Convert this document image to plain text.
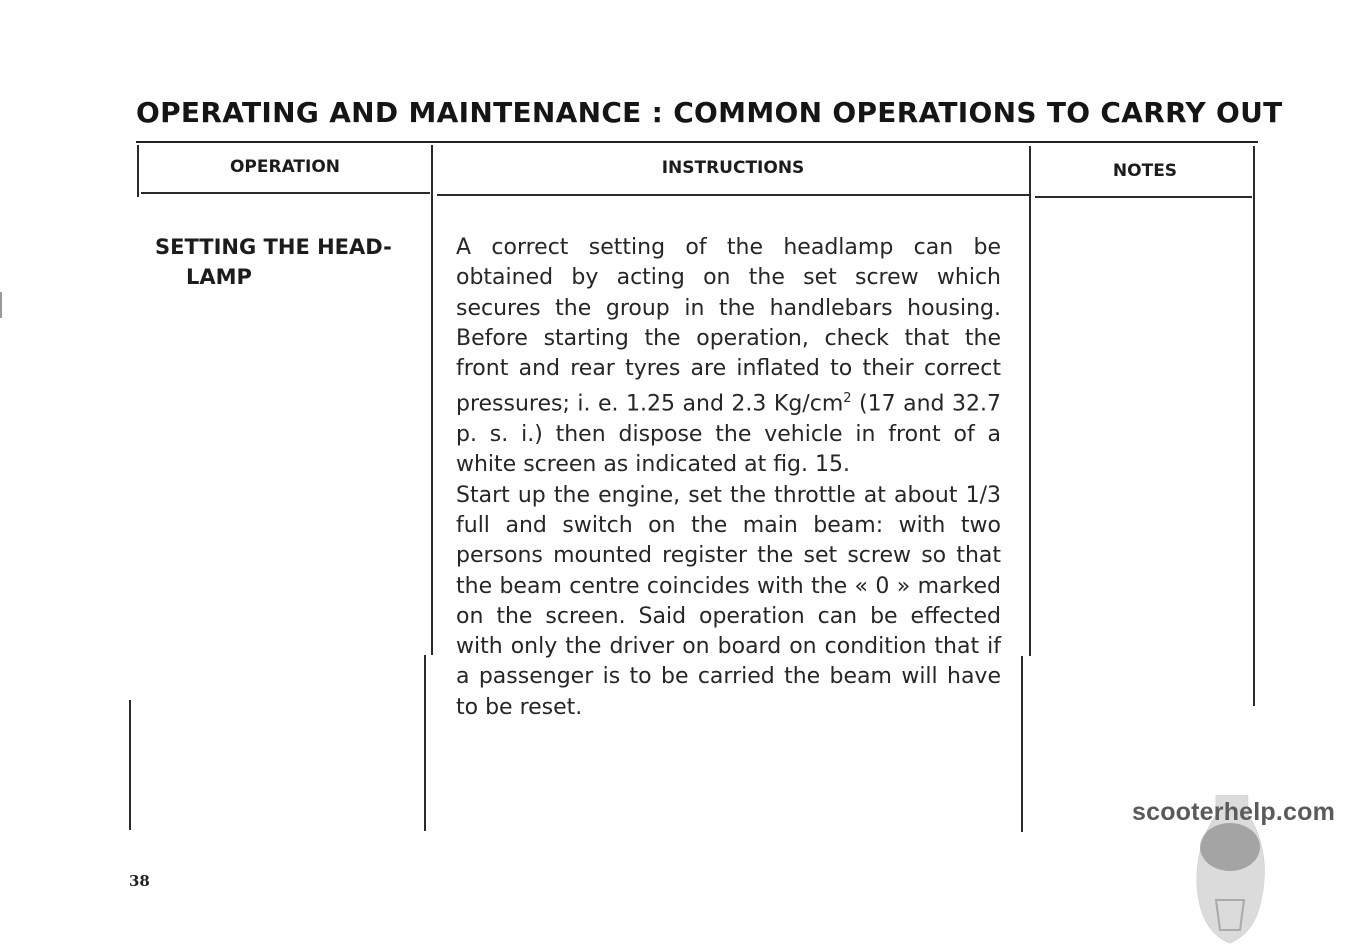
OPERATING AND MAINTENANCE : COMMON OPERATIONS TO CARRY OUT
OPERATION	INSTRUCTIONS	NOTES
SETTING THE HEAD-
LAMP

A correct setting of the headlamp can be obtained by acting on the set screw which secures the group in the handlebars housing. Before starting the operation, check that the front and rear tyres are inflated to their correct pressures; i. e. 1.25 and 2.3 $Kg/cm^2$ (17 and 32.7 p. s. i.) then dispose the vehicle in front of a white screen as indicated at fig. 15.

Start up the engine, set the throttle at about 1/3 full and switch on the main beam: with two persons mounted register the set screw so that the beam centre coincides with the « 0 » marked on the screen. Said operation can be effected with only the driver on board on condition that if a passenger is to be carried the beam will have to be reset.

38
scooterhelp.com
